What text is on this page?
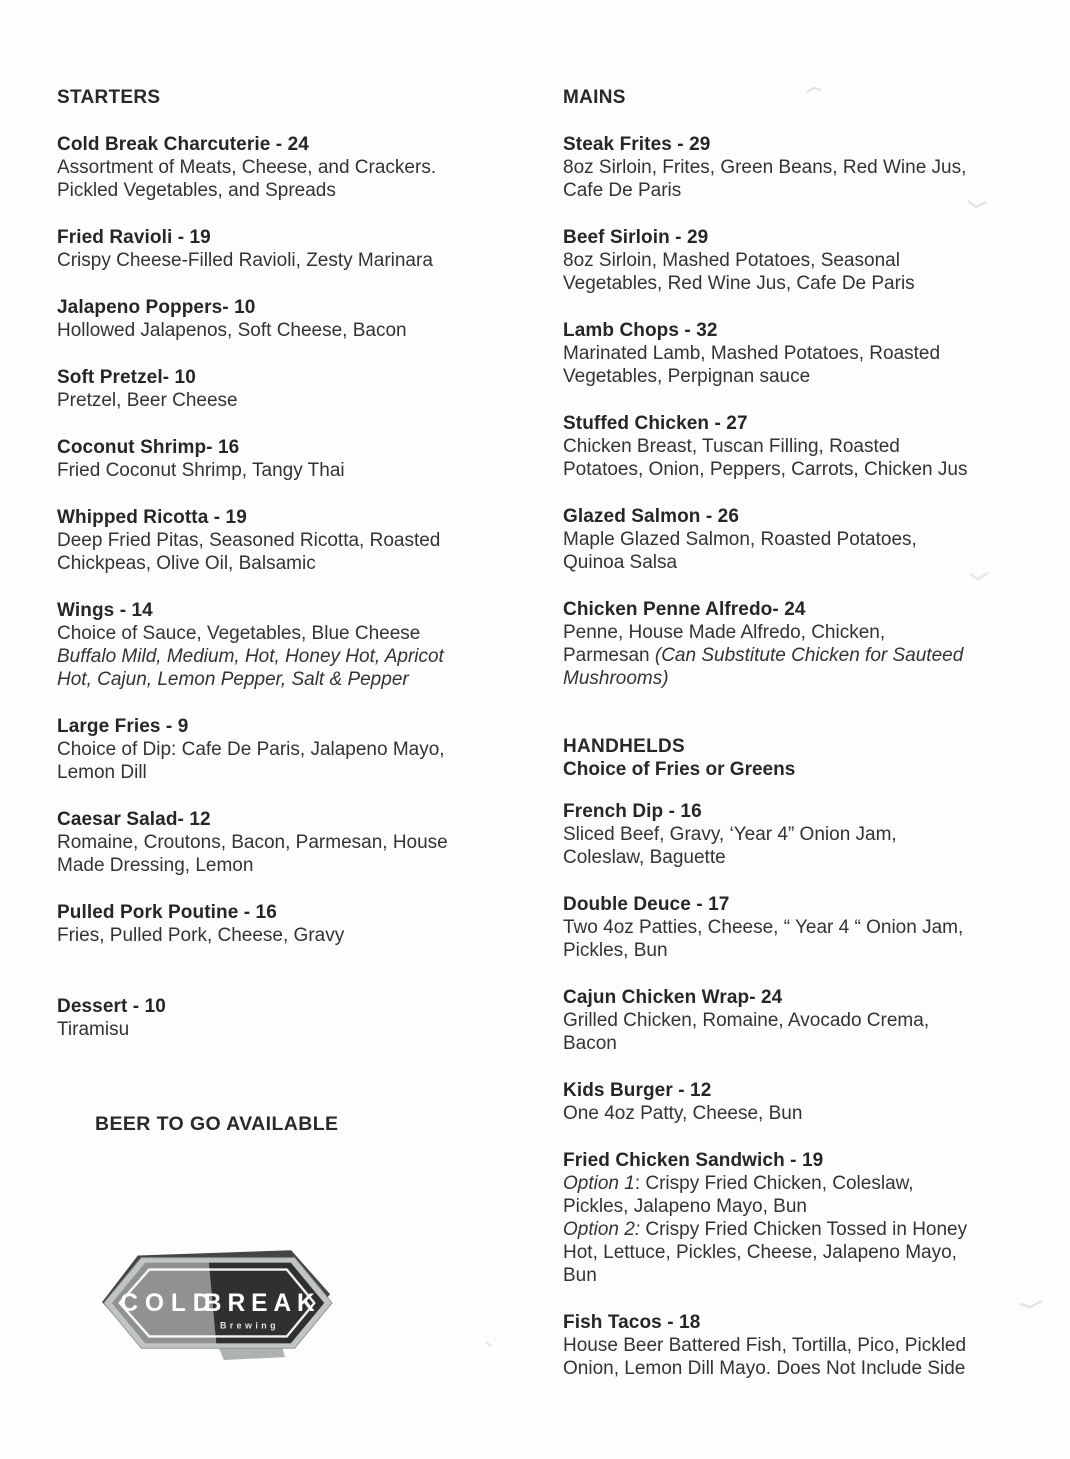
STARTERS
Cold Break Charcuterie - 24
Assortment of Meats, Cheese, and Crackers.
Pickled Vegetables, and Spreads
Fried Ravioli - 19
Crispy Cheese-Filled Ravioli, Zesty Marinara
Jalapeno Poppers- 10
Hollowed Jalapenos, Soft Cheese, Bacon
Soft Pretzel- 10
Pretzel, Beer Cheese
Coconut Shrimp- 16
Fried Coconut Shrimp, Tangy Thai
Whipped Ricotta - 19
Deep Fried Pitas, Seasoned Ricotta, Roasted
Chickpeas, Olive Oil, Balsamic
Wings - 14
Choice of Sauce, Vegetables, Blue Cheese
Buffalo Mild, Medium, Hot, Honey Hot, Apricot
Hot, Cajun, Lemon Pepper, Salt & Pepper
Large Fries - 9
Choice of Dip: Cafe De Paris, Jalapeno Mayo,
Lemon Dill
Caesar Salad- 12
Romaine, Croutons, Bacon, Parmesan, House
Made Dressing, Lemon
Pulled Pork Poutine - 16
Fries, Pulled Pork, Cheese, Gravy
Dessert - 10
Tiramisu
BEER TO GO AVAILABLE
COLD
BREAK
Brewing
MAINS
Steak Frites - 29
8oz Sirloin, Frites, Green Beans, Red Wine Jus,
Cafe De Paris
Beef Sirloin - 29
8oz Sirloin, Mashed Potatoes, Seasonal
Vegetables, Red Wine Jus, Cafe De Paris
Lamb Chops - 32
Marinated Lamb, Mashed Potatoes, Roasted
Vegetables, Perpignan sauce
Stuffed Chicken - 27
Chicken Breast, Tuscan Filling, Roasted
Potatoes, Onion, Peppers, Carrots, Chicken Jus
Glazed Salmon - 26
Maple Glazed Salmon, Roasted Potatoes,
Quinoa Salsa
Chicken Penne Alfredo- 24
Penne, House Made Alfredo, Chicken,
Parmesan (Can Substitute Chicken for Sauteed
Mushrooms)
HANDHELDS
Choice of Fries or Greens
French Dip - 16
Sliced Beef, Gravy, ‘Year 4” Onion Jam,
Coleslaw, Baguette
Double Deuce - 17
Two 4oz Patties, Cheese, “ Year 4 “ Onion Jam,
Pickles, Bun
Cajun Chicken Wrap- 24
Grilled Chicken, Romaine, Avocado Crema,
Bacon
Kids Burger - 12
One 4oz Patty, Cheese, Bun
Fried Chicken Sandwich - 19
Option 1: Crispy Fried Chicken, Coleslaw,
Pickles, Jalapeno Mayo, Bun
Option 2: Crispy Fried Chicken Tossed in Honey
Hot, Lettuce, Pickles, Cheese, Jalapeno Mayo,
Bun
Fish Tacos - 18
House Beer Battered Fish, Tortilla, Pico, Pickled
Onion, Lemon Dill Mayo. Does Not Include Side
